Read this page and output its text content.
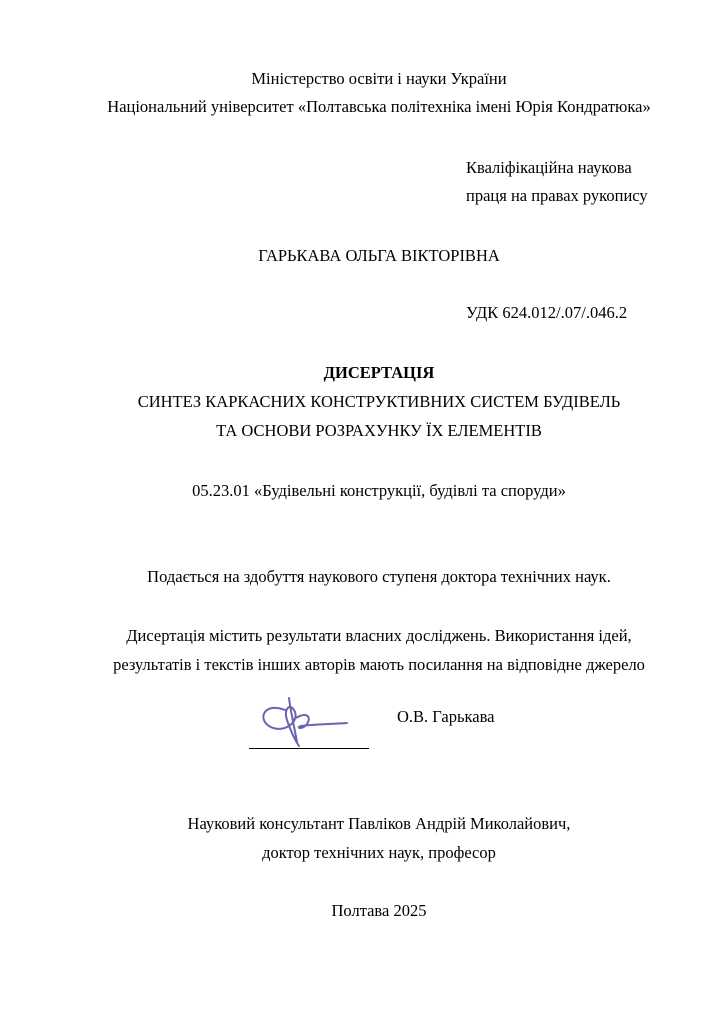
Міністерство освіти і науки України
Національний університет «Полтавська політехніка імені Юрія Кондратюка»
Кваліфікаційна наукова
праця на правах рукопису
ГАРЬКАВА ОЛЬГА ВІКТОРІВНА
УДК 624.012/.07/.046.2
ДИСЕРТАЦІЯ
СИНТЕЗ КАРКАСНИХ КОНСТРУКТИВНИХ СИСТЕМ БУДІВЕЛЬ
ТА ОСНОВИ РОЗРАХУНКУ ЇХ ЕЛЕМЕНТІВ
05.23.01 «Будівельні конструкції, будівлі та споруди»
Подається на здобуття наукового ступеня доктора технічних наук.
Дисертація містить результати власних досліджень. Використання ідей,
результатів і текстів інших авторів мають посилання на відповідне джерело
О.В. Гарькава
Науковий консультант Павліков Андрій Миколайович,
доктор технічних наук, професор
Полтава 2025
